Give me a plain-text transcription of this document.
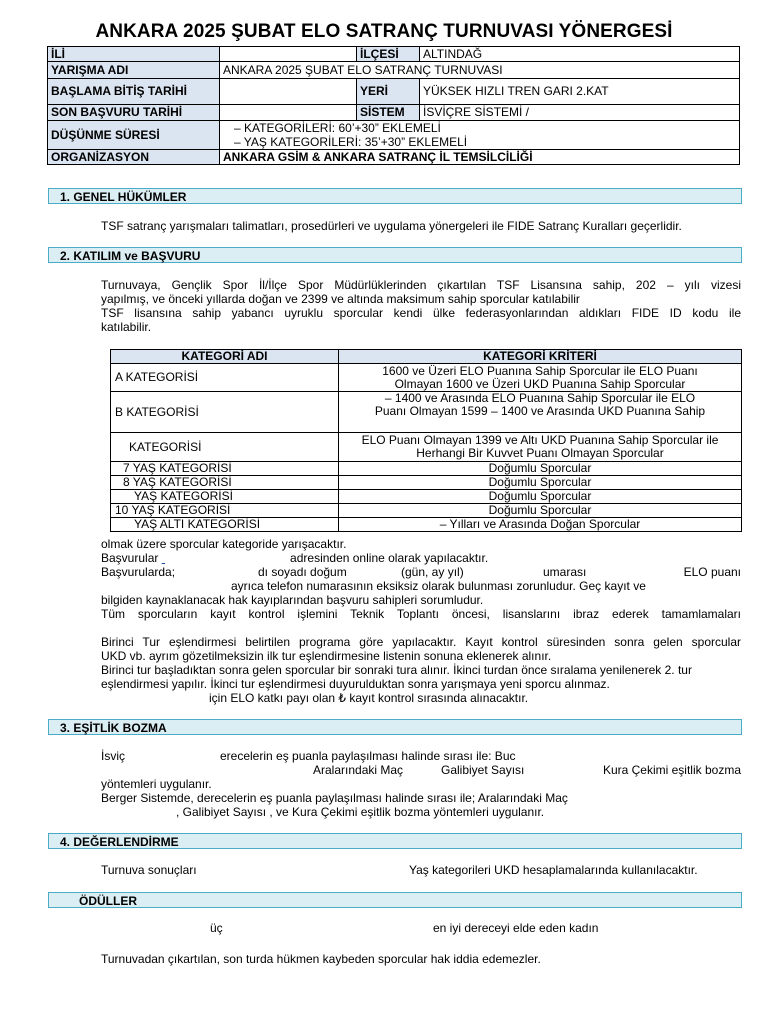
ANKARA 2025 ŞUBAT ELO SATRANÇ TURNUVASI YÖNERGESİ
İLİ		İLÇESİ	ALTINDAĞ
YARIŞMA ADI	ANKARA 2025 ŞUBAT ELO SATRANÇ TURNUVASI		
BAŞLAMA BİTİŞ TARİHİ		YERİ	YÜKSEK HIZLI TREN GARI 2.KAT
SON BAŞVURU TARİHİ		SİSTEM	İSVİÇRE SİSTEMİ /
DÜŞÜNME SÜRESİ	– KATEGORİLERİ: 60’+30” EKLEMELİ
– YAŞ KATEGORİLERİ: 35’+30” EKLEMELİ		

ORGANİZASYON	ANKARA GSİM & ANKARA SATRANÇ İL TEMSİLCİLİĞİ		
1. GENEL HÜKÜMLER
TSF satranç yarışmaları talimatları, prosedürleri ve uygulama yönergeleri ile FIDE Satranç Kuralları geçerlidir.
2. KATILIM ve BAŞVURU
Turnuvaya, Gençlik Spor İl/İlçe Spor Müdürlüklerinden çıkartılan TSF Lisansına sahip, 202 – yılı vizesi
yapılmış, ve önceki yıllarda doğan ve 2399 ve altında maksimum sahip sporcular katılabilir
TSF lisansına sahip yabancı uyruklu sporcular kendi ülke federasyonlarından aldıkları FIDE ID kodu ile
katılabilir.
KATEGORİ ADI	KATEGORİ KRİTERİ
A KATEGORİSİ	1600 ve Üzeri ELO Puanına Sahip Sporcular ile ELO Puanı
Olmayan 1600 ve Üzeri UKD Puanına Sahip Sporcular

B KATEGORİSİ	– 1400 ve Arasında ELO Puanına Sahip Sporcular ile ELO
Puanı Olmayan 1599 – 1400 ve Arasında UKD Puanına Sahip

KATEGORİSİ	ELO Puanı Olmayan 1399 ve Altı UKD Puanına Sahip Sporcular ile
Herhangi Bir Kuvvet Puanı Olmayan Sporcular

7 YAŞ KATEGORİSİ	Doğumlu Sporcular
8 YAŞ KATEGORİSİ	Doğumlu Sporcular
YAŞ KATEGORİSİ	Doğumlu Sporcular
10 YAŞ KATEGORİSİ	Doğumlu Sporcular
YAŞ ALTI KATEGORİSİ	– Yılları ve Arasında Doğan Sporcular
olmak üzere sporcular kategoride yarışacaktır.
Başvurular	adresinden online olarak yapılacaktır.
Başvurularda;	dı soyadı doğum	(gün, ay yıl)	umarası	ELO puanı
ayrıca telefon numarasının eksiksiz olarak bulunması zorunludur. Geç kayıt ve
bilgiden kaynaklanacak hak kayıplarından başvuru sahipleri sorumludur.
Tüm sporcuların kayıt kontrol işlemini Teknik Toplantı öncesi, lisanslarını ibraz ederek tamamlamaları
Birinci Tur eşlendirmesi belirtilen programa göre yapılacaktır. Kayıt kontrol süresinden sonra gelen sporcular
UKD vb. ayrım gözetilmeksizin ilk tur eşlendirmesine listenin sonuna eklenerek alınır.
Birinci tur başladıktan sonra gelen sporcular bir sonraki tura alınır. İkinci turdan önce sıralama yenilenerek 2. tur
eşlendirmesi yapılır. İkinci tur eşlendirmesi duyurulduktan sonra yarışmaya yeni sporcu alınmaz.
için ELO katkı payı olan ₺ kayıt kontrol sırasında alınacaktır.
3. EŞİTLİK BOZMA
İsviç	erecelerin eş puanla paylaşılması halinde sırası ile: Buc
Aralarındaki Maç	Galibiyet Sayısı	Kura Çekimi eşitlik bozma
yöntemleri uygulanır.
Berger Sistemde, derecelerin eş puanla paylaşılması halinde sırası ile; Aralarındaki Maç
, Galibiyet Sayısı , ve Kura Çekimi eşitlik bozma yöntemleri uygulanır.
4. DEĞERLENDİRME
Turnuva sonuçları	Yaş kategorileri UKD hesaplamalarında kullanılacaktır.
ÖDÜLLER
üç	en iyi dereceyi elde eden kadın
Turnuvadan çıkartılan, son turda hükmen kaybeden sporcular hak iddia edemezler.
